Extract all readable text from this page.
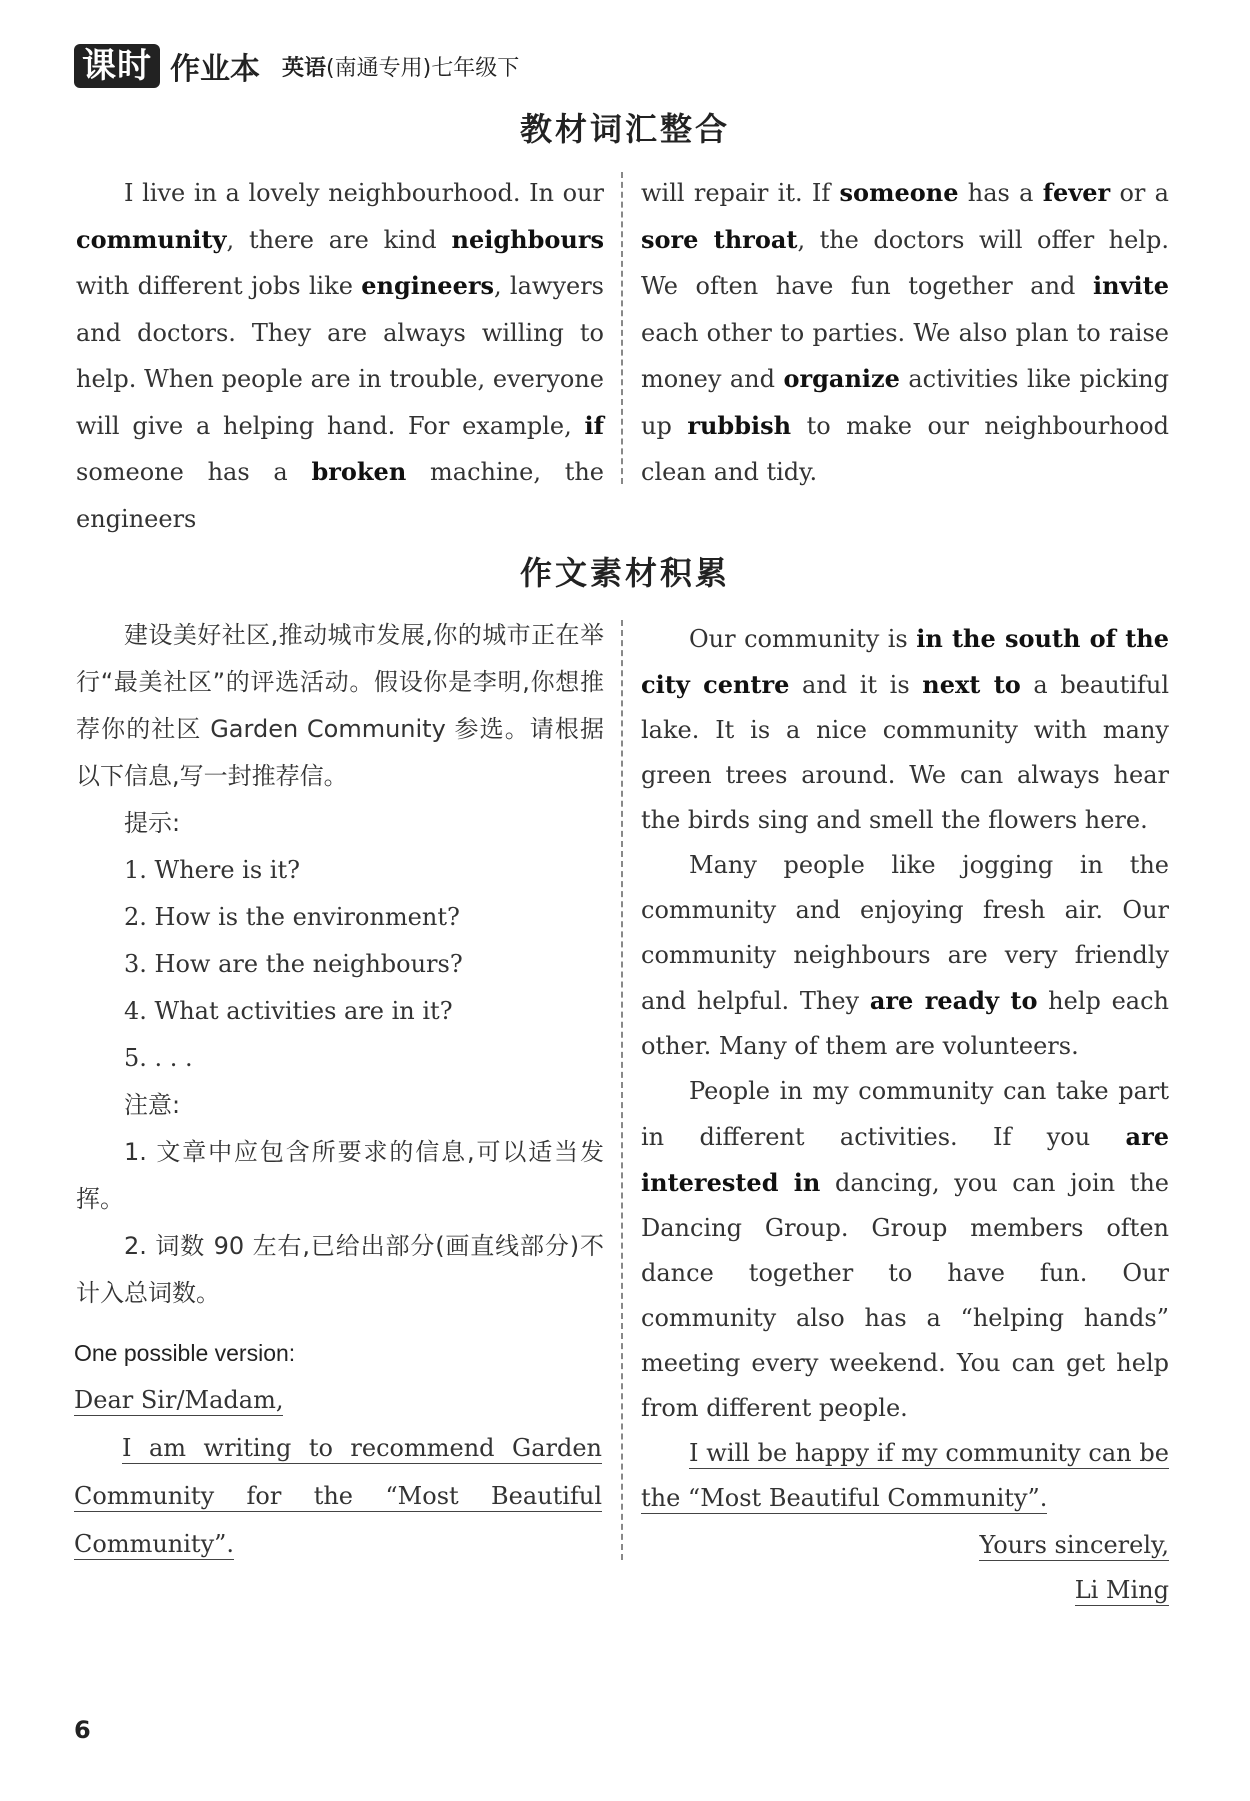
课时 作业本 英语(南通专用)七年级下
教材词汇整合

I live in a lovely neighbourhood. In our community, there are kind neighbours with different jobs like engineers, lawyers and doctors. They are always willing to help. When people are in trouble, everyone will give a helping hand. For example, if someone has a broken machine, the engineers

will repair it. If someone has a fever or a sore throat, the doctors will offer help. We often have fun together and invite each other to parties. We also plan to raise money and organize activities like picking up rubbish to make our neighbourhood clean and tidy.

作文素材积累

建设美好社区,推动城市发展,你的城市正在举行“最美社区”的评选活动。假设你是李明,你想推荐你的社区 Garden Community 参选。请根据以下信息,写一封推荐信。

提示:

1. Where is it?

2. How is the environment?

3. How are the neighbours?

4. What activities are in it?

5. . . .

注意:

1. 文章中应包含所要求的信息,可以适当发挥。

2. 词数 90 左右,已给出部分(画直线部分)不计入总词数。

One possible version:

Dear Sir/Madam,

I am writing to recommend Garden Community for the “Most Beautiful Community”.

Our community is in the south of the city centre and it is next to a beautiful lake. It is a nice community with many green trees around. We can always hear the birds sing and smell the flowers here.

Many people like jogging in the community and enjoying fresh air. Our community neighbours are very friendly and helpful. They are ready to help each other. Many of them are volunteers.

People in my community can take part in different activities. If you are interested in dancing, you can join the Dancing Group. Group members often dance together to have fun. Our community also has a “helping hands” meeting every weekend. You can get help from different people.

I will be happy if my community can be the “Most Beautiful Community”.

Yours sincerely,

Li Ming

6
